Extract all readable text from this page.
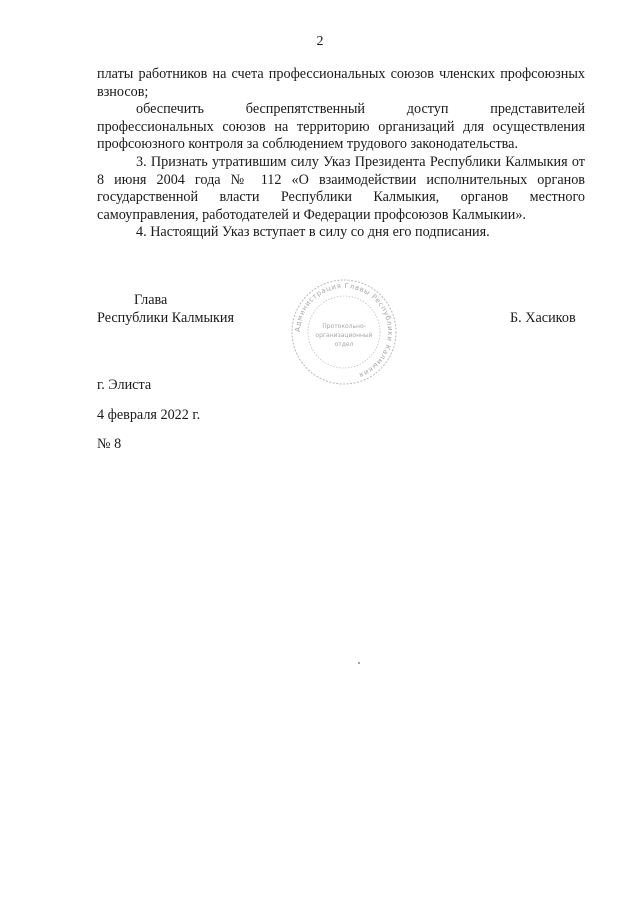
2

платы работников на счета профессиональных союзов членских профсоюзных взносов;

обеспечить беспрепятственный доступ представителей профессиональных союзов на территорию организаций для осуществления профсоюзного контроля за соблюдением трудового законодательства.

3. Признать утратившим силу Указ Президента Республики Калмыкия от 8 июня 2004 года № 112 «О взаимодействии исполнительных органов государственной власти Республики Калмыкия, органов местного самоуправления, работодателей и Федерации профсоюзов Калмыкии».

4. Настоящий Указ вступает в силу со дня его подписания.

Глава
Республики Калмыкия	Б. Хасиков
Администрация Главы Республики Калмыкия
Протокольно-
организационный
отдел
г. Элиста
4 февраля 2022 г.
№ 8
